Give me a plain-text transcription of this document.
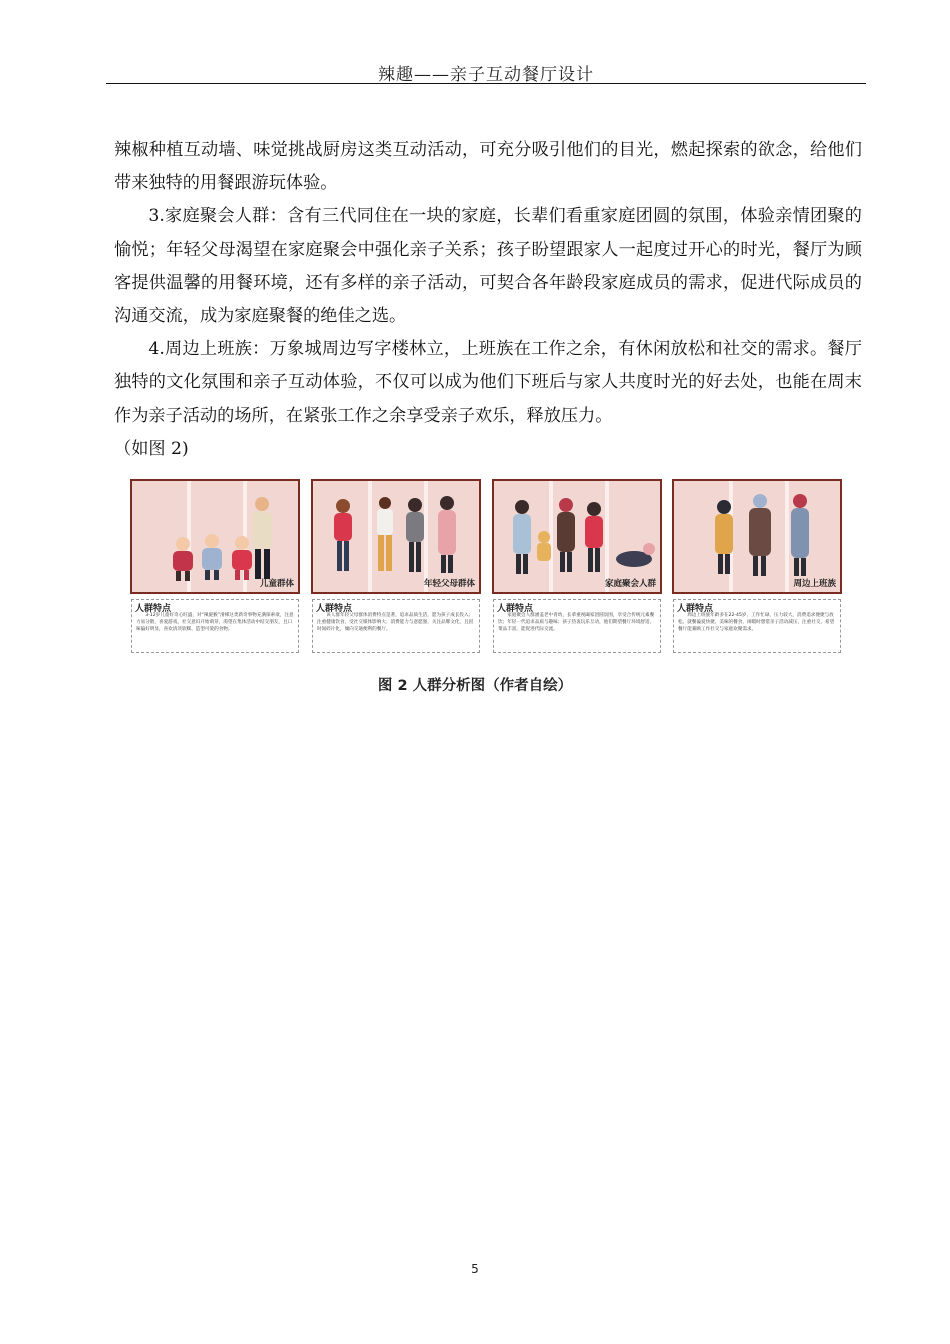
辣趣——亲子互动餐厅设计

辣椒种植互动墙、味觉挑战厨房这类互动活动，可充分吸引他们的目光，燃起探索的欲念，给他们带来独特的用餐跟游玩体验。

3.家庭聚会人群：含有三代同住在一块的家庭，长辈们看重家庭团圆的氛围，体验亲情团聚的愉悦；年轻父母渴望在家庭聚会中强化亲子关系；孩子盼望跟家人一起度过开心的时光，餐厅为顾客提供温馨的用餐环境，还有多样的亲子活动，可契合各年龄段家庭成员的需求，促进代际成员的沟通交流，成为家庭聚餐的绝佳之选。

4.周边上班族：万象城周边写字楼林立，上班族在工作之余，有休闲放松和社交的需求。餐厅独特的文化氛围和亲子互动体验，不仅可以成为他们下班后与家人共度时光的好去处，也能在周末作为亲子活动的场所，在紧张工作之余享受亲子欢乐，释放压力。

（如图 2)

儿童群体
人群特点
3-12岁儿童好奇心旺盛，对“辣旋猴”滑梯这类新奇事物充满探索欲，注意力易分散，喜爱游戏，社交意识开始萌芽，渴望在集体活动中结交朋友，且口味偏好明显，喜欢清淡软糯、造型可爱的食物。
年轻父母群体
人群特点
该人群年轻父母群体消费特点是著，追求品质生活，愿为孩子成长投入；注重健康饮食，受社交媒体影响大；消费能力与意愿强，关注品牌文化，且因时间碎片化，倾向交通便利的餐厅。
家庭聚会人群
人群特点
家庭聚会人群涵盖老中青幼，长辈重视阖家团圆氛围，享受合传统元素餐饮；年轻一代追求品质与趣味；孩子热衷玩乐互动，他们期望餐厅环境舒适、菜品丰富，能促进代际交流。
周边上班族
人群特点
周边上班族年龄多在22-45岁，工作忙碌，压力较大，消费追求便捷与放松。就餐偏爱快捷、美味的餐食，闲暇时想借亲子活动减压，注重社交，希望餐厅能兼顾工作社交与家庭欢聚需求。
图 2 人群分析图（作者自绘）
5
